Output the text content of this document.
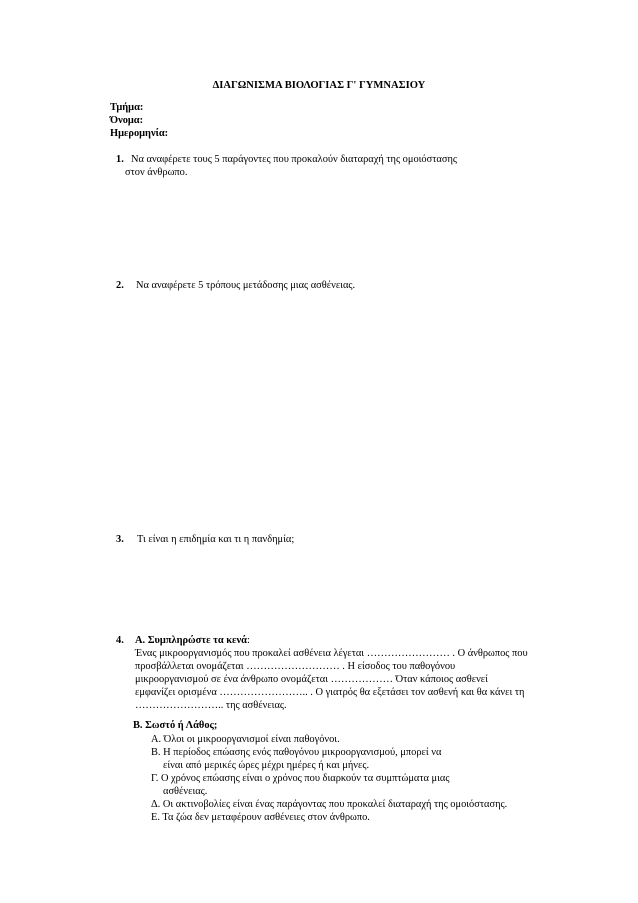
ΔΙΑΓΩΝΙΣΜΑ ΒΙΟΛΟΓΙΑΣ Γ' ΓΥΜΝΑΣΙΟΥ
Τμήμα:
Όνομα:
Ημερομηνία:
1. Να αναφέρετε τους 5 παράγοντες που προκαλούν διαταραχή της ομοιόστασης
στον άνθρωπο.
2. Να αναφέρετε 5 τρόπους μετάδοσης μιας ασθένειας.
3. Τι είναι η επιδημία και τι η πανδημία;
4. Α. Συμπληρώστε τα κενά:
Ένας μικροοργανισμός που προκαλεί ασθένεια λέγεται …………………… . Ο άνθρωπος που
προσβάλλεται ονομάζεται ……………………… . Η είσοδος του παθογόνου
μικροοργανισμού σε ένα άνθρωπο ονομάζεται ……………… Όταν κάποιος ασθενεί
εμφανίζει ορισμένα …………………….. . Ο γιατρός θα εξετάσει τον ασθενή και θα κάνει τη
…………………….. της ασθένειας.
Β. Σωστό ή Λάθος;
Α. Όλοι οι μικροοργανισμοί είναι παθογόνοι.
Β. Η περίοδος επώασης ενός παθογόνου μικροοργανισμού, μπορεί να
είναι από μερικές ώρες μέχρι ημέρες ή και μήνες.
Γ. Ο χρόνος επώασης είναι ο χρόνος που διαρκούν τα συμπτώματα μιας
ασθένειας.
Δ. Οι ακτινοβολίες είναι ένας παράγοντας που προκαλεί διαταραχή της ομοιόστασης.
Ε. Τα ζώα δεν μεταφέρουν ασθένειες στον άνθρωπο.
